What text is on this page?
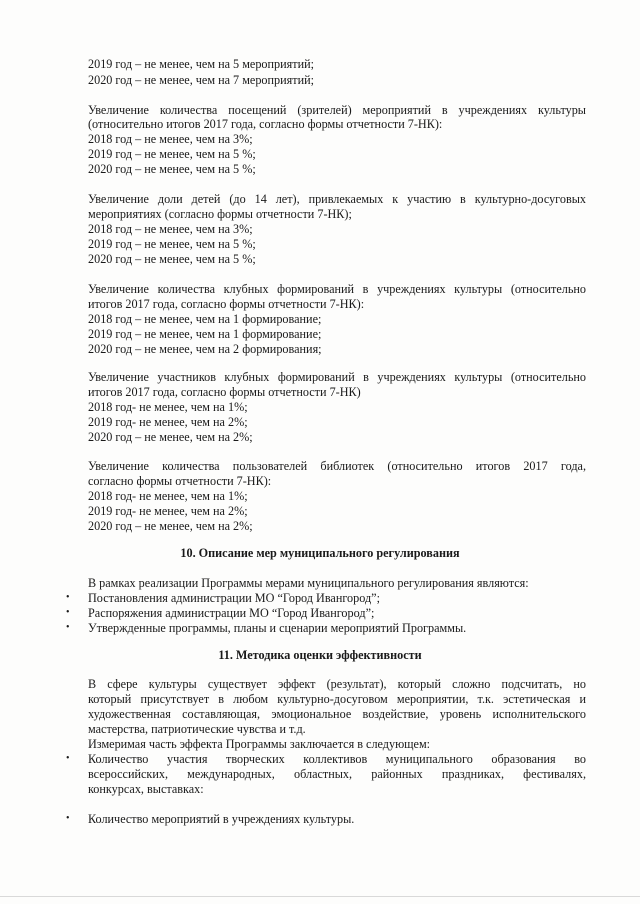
2019 год – не менее, чем на 5 мероприятий;
2020 год – не менее, чем на 7 мероприятий;
Увеличение количества посещений (зрителей) мероприятий в учреждениях культуры
(относительно итогов 2017 года, согласно формы отчетности 7-НК):
2018 год – не менее, чем на 3%;
2019 год – не менее, чем на 5 %;
2020 год – не менее, чем на 5 %;
Увеличение доли детей (до 14 лет), привлекаемых к участию в культурно-досуговых
мероприятиях (согласно формы отчетности 7-НК);
2018 год – не менее, чем на 3%;
2019 год – не менее, чем на 5 %;
2020 год – не менее, чем на 5 %;
Увеличение количества клубных формирований в учреждениях культуры (относительно
итогов 2017 года, согласно формы отчетности 7-НК):
2018 год – не менее, чем на 1 формирование;
2019 год – не менее, чем на 1 формирование;
2020 год – не менее, чем на 2 формирования;
Увеличение участников клубных формирований в учреждениях культуры (относительно
итогов 2017 года, согласно формы отчетности 7-НК)
2018 год- не менее, чем на 1%;
2019 год- не менее, чем на 2%;
2020 год – не менее, чем на 2%;
Увеличение количества пользователей библиотек (относительно итогов 2017 года,
согласно формы отчетности 7-НК):
2018 год- не менее, чем на 1%;
2019 год- не менее, чем на 2%;
2020 год – не менее, чем на 2%;
10. Описание мер муниципального регулирования
В рамках реализации Программы мерами муниципального регулирования являются:
• Постановления администрации МО “Город Ивангород”;
• Распоряжения администрации МО “Город Ивангород”;
• Утвержденные программы, планы и сценарии мероприятий Программы.
11. Методика оценки эффективности
В сфере культуры существует эффект (результат), который сложно подсчитать, но
который присутствует в любом культурно-досуговом мероприятии, т.к. эстетическая и
художественная составляющая, эмоциональное воздействие, уровень исполнительского
мастерства, патриотические чувства и т.д.
Измеримая часть эффекта Программы заключается в следующем:
• Количество участия творческих коллективов муниципального образования во
всероссийских, международных, областных, районных праздниках, фестивалях,
конкурсах, выставках:
• Количество мероприятий в учреждениях культуры.
